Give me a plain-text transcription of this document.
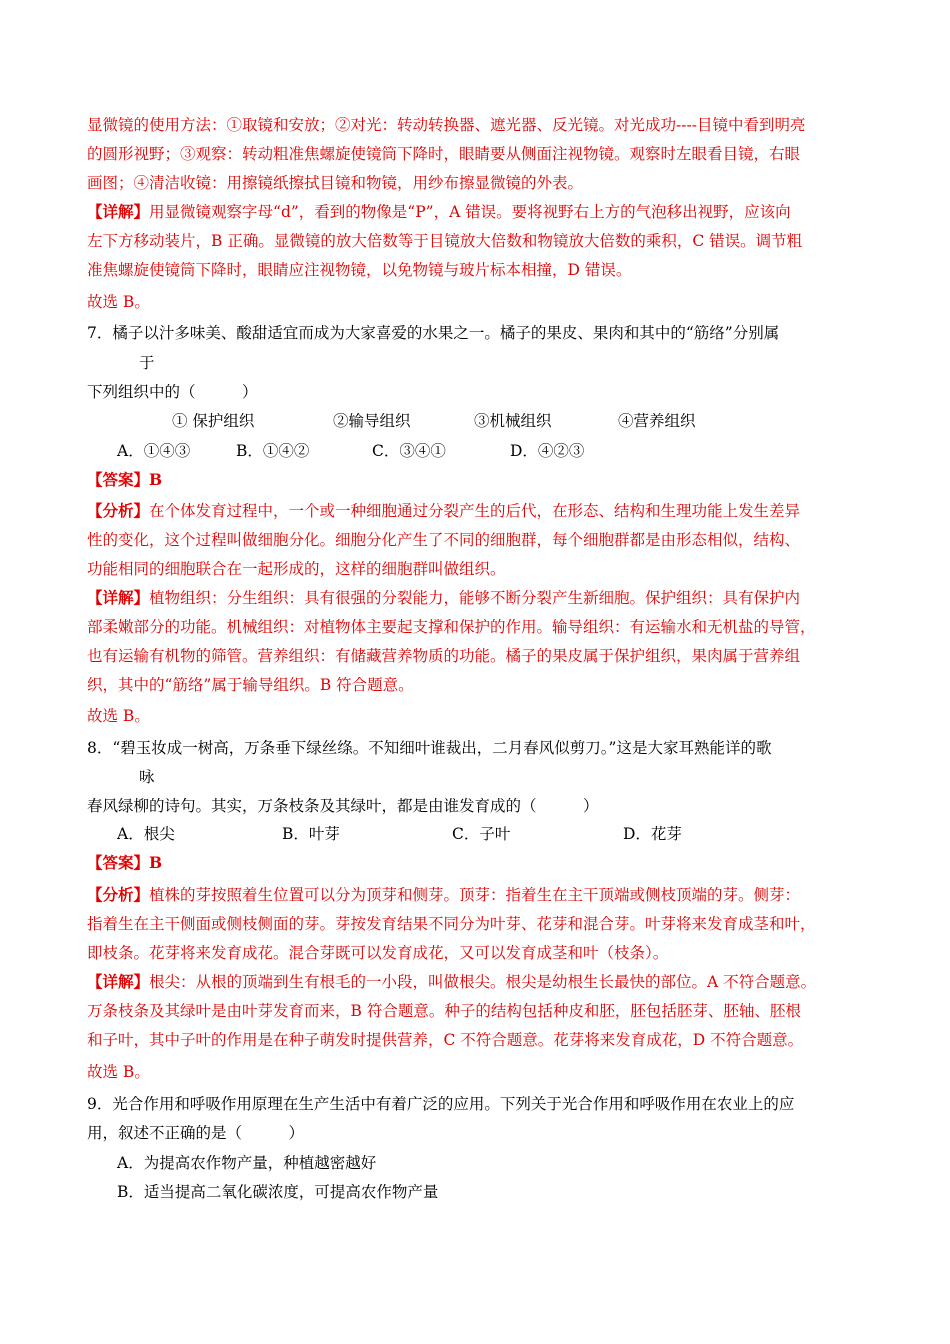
显微镜的使用方法：①取镜和安放；②对光：转动转换器、遮光器、反光镜。对光成功----目镜中看到明亮
的圆形视野；③观察：转动粗准焦螺旋使镜筒下降时，眼睛要从侧面注视物镜。观察时左眼看目镜，右眼
画图；④清洁收镜：用擦镜纸擦拭目镜和物镜，用纱布擦显微镜的外表。
【详解】用显微镜观察字母“d”，看到的物像是“P”，A 错误。要将视野右上方的气泡移出视野，应该向
左下方移动装片，B 正确。显微镜的放大倍数等于目镜放大倍数和物镜放大倍数的乘积，C 错误。调节粗
准焦螺旋使镜筒下降时，眼睛应注视物镜，以免物镜与玻片标本相撞，D 错误。
故选 B。
7．橘子以汁多味美、酸甜适宜而成为大家喜爱的水果之一。橘子的果皮、果肉和其中的“筋络”分别属
于
下列组织中的（　　　）
① 保护组织	②输导组织	③机械组织	④营养组织
A．①④③	B．①④②	C．③④①	D．④②③
【答案】B
【分析】在个体发育过程中，一个或一种细胞通过分裂产生的后代，在形态、结构和生理功能上发生差异
性的变化，这个过程叫做细胞分化。细胞分化产生了不同的细胞群，每个细胞群都是由形态相似，结构、
功能相同的细胞联合在一起形成的，这样的细胞群叫做组织。
【详解】植物组织：分生组织：具有很强的分裂能力，能够不断分裂产生新细胞。保护组织：具有保护内
部柔嫩部分的功能。机械组织：对植物体主要起支撑和保护的作用。输导组织：有运输水和无机盐的导管，
也有运输有机物的筛管。营养组织：有储藏营养物质的功能。橘子的果皮属于保护组织，果肉属于营养组
织，其中的“筋络”属于输导组织。B 符合题意。
故选 B。
8．“碧玉妆成一树高，万条垂下绿丝绦。不知细叶谁裁出，二月春风似剪刀。”这是大家耳熟能详的歌
咏
春风绿柳的诗句。其实，万条枝条及其绿叶，都是由谁发育成的（　　　）
A．根尖	B．叶芽	C．子叶	D．花芽
【答案】B
【分析】植株的芽按照着生位置可以分为顶芽和侧芽。顶芽：指着生在主干顶端或侧枝顶端的芽。侧芽：
指着生在主干侧面或侧枝侧面的芽。芽按发育结果不同分为叶芽、花芽和混合芽。叶芽将来发育成茎和叶，
即枝条。花芽将来发育成花。混合芽既可以发育成花，又可以发育成茎和叶（枝条）。
【详解】根尖：从根的顶端到生有根毛的一小段，叫做根尖。根尖是幼根生长最快的部位。A 不符合题意。
万条枝条及其绿叶是由叶芽发育而来，B 符合题意。种子的结构包括种皮和胚，胚包括胚芽、胚轴、胚根
和子叶，其中子叶的作用是在种子萌发时提供营养，C 不符合题意。花芽将来发育成花，D 不符合题意。
故选 B。
9．光合作用和呼吸作用原理在生产生活中有着广泛的应用。下列关于光合作用和呼吸作用在农业上的应
用，叙述不正确的是（　　　）
A．为提高农作物产量，种植越密越好
B．适当提高二氧化碳浓度，可提高农作物产量
